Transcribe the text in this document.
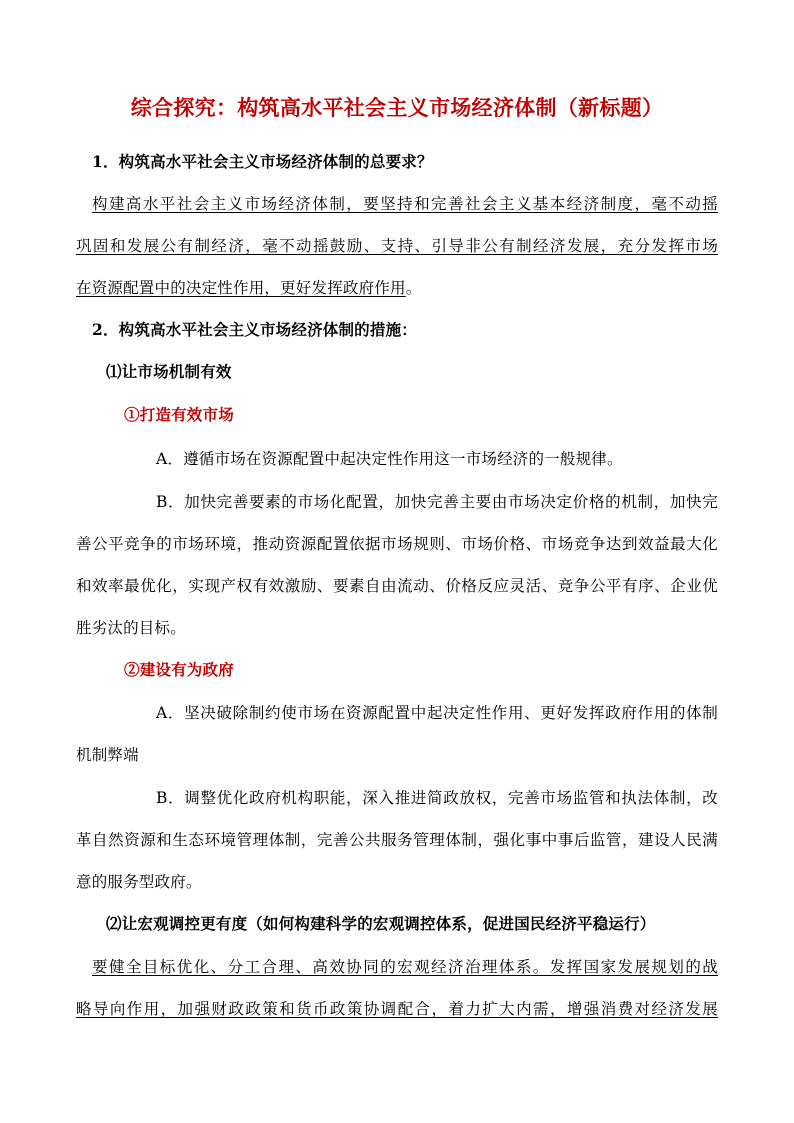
综合探究：构筑高水平社会主义市场经济体制（新标题）
1．构筑高水平社会主义市场经济体制的总要求？
构建高水平社会主义市场经济体制，要坚持和完善社会主义基本经济制度，毫不动摇
巩固和发展公有制经济，毫不动摇鼓励、支持、引导非公有制经济发展，充分发挥市场
在资源配置中的决定性作用，更好发挥政府作用。
2．构筑高水平社会主义市场经济体制的措施：
⑴让市场机制有效
①打造有效市场
A．遵循市场在资源配置中起决定性作用这一市场经济的一般规律。
B．加快完善要素的市场化配置，加快完善主要由市场决定价格的机制，加快完
善公平竞争的市场环境，推动资源配置依据市场规则、市场价格、市场竞争达到效益最大化
和效率最优化，实现产权有效激励、要素自由流动、价格反应灵活、竞争公平有序、企业优
胜劣汰的目标。
②建设有为政府
A．坚决破除制约使市场在资源配置中起决定性作用、更好发挥政府作用的体制
机制弊端
B．调整优化政府机构职能，深入推进简政放权，完善市场监管和执法体制，改
革自然资源和生态环境管理体制，完善公共服务管理体制，强化事中事后监管，建设人民满
意的服务型政府。
⑵让宏观调控更有度（如何构建科学的宏观调控体系，促进国民经济平稳运行）
要健全目标优化、分工合理、高效协同的宏观经济治理体系。发挥国家发展规划的战
略导向作用，加强财政政策和货币政策协调配合，着力扩大内需，增强消费对经济发展
